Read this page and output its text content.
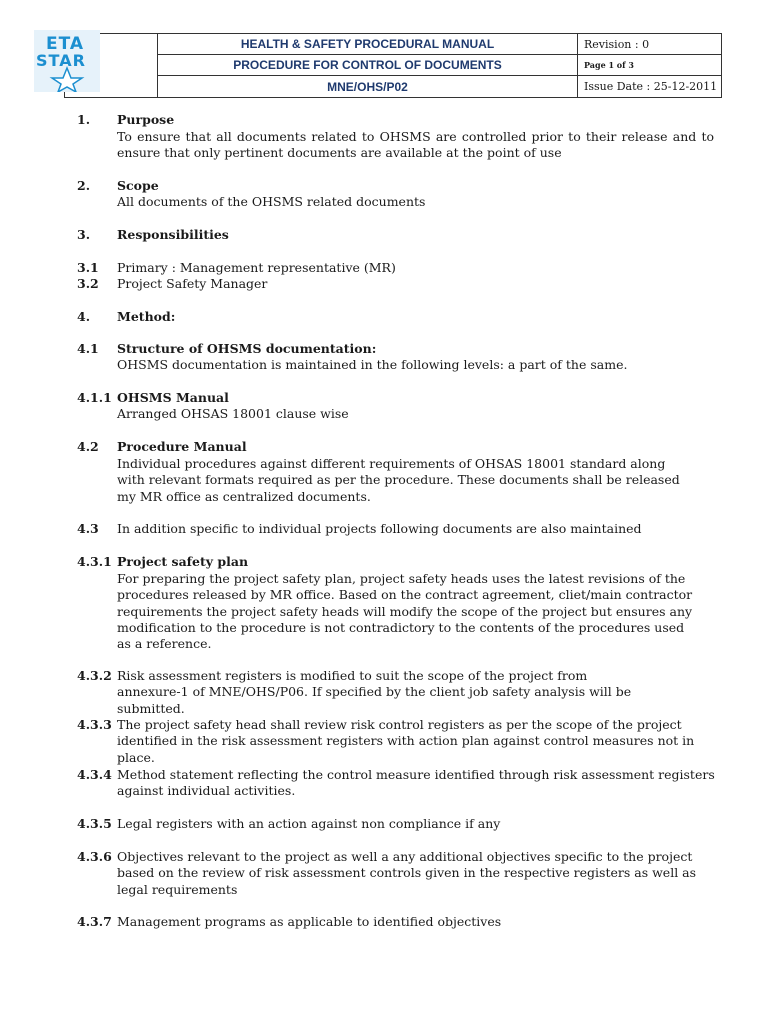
	HEALTH & SAFETY PROCEDURAL MANUAL	Revision : 0
	PROCEDURE FOR CONTROL OF DOCUMENTS	Page 1 of 3
	MNE/OHS/P02	Issue Date : 25-12-2011
ETA
STAR
1. Purpose
To ensure that all documents related to OHSMS are controlled prior to their release and to ensure that only pertinent documents are available at the point of use
2. Scope
All documents of the OHSMS related documents
3. Responsibilities
3.1 Primary : Management representative (MR)
3.2 Project Safety Manager
4. Method:
4.1 Structure of OHSMS documentation:
OHSMS documentation is maintained in the following levels: a part of the same.
4.1.1 OHSMS Manual
Arranged OHSAS 18001 clause wise
4.2 Procedure Manual
Individual procedures against different requirements of OHSAS 18001 standard along with relevant formats required as per the procedure. These documents shall be released my MR office as centralized documents.
4.3 In addition specific to individual projects following documents are also maintained
4.3.1 Project safety plan
For preparing the project safety plan, project safety heads uses the latest revisions of the procedures released by MR office. Based on the contract agreement, cliet/main contractor requirements the project safety heads will modify the scope of the project but ensures any modification to the procedure is not contradictory to the contents of the procedures used as a reference.
4.3.2 Risk assessment registers is modified to suit the scope of the project from annexure-1 of MNE/OHS/P06. If specified by the client job safety analysis will be submitted.
4.3.3 The project safety head shall review risk control registers as per the scope of the project identified in the risk assessment registers with action plan against control measures not in place.
4.3.4 Method statement reflecting the control measure identified through risk assessment registers against individual activities.
4.3.5 Legal registers with an action against non compliance if any
4.3.6 Objectives relevant to the project as well a any additional objectives specific to the project based on the review of risk assessment controls given in the respective registers as well as legal requirements
4.3.7 Management programs as applicable to identified objectives
